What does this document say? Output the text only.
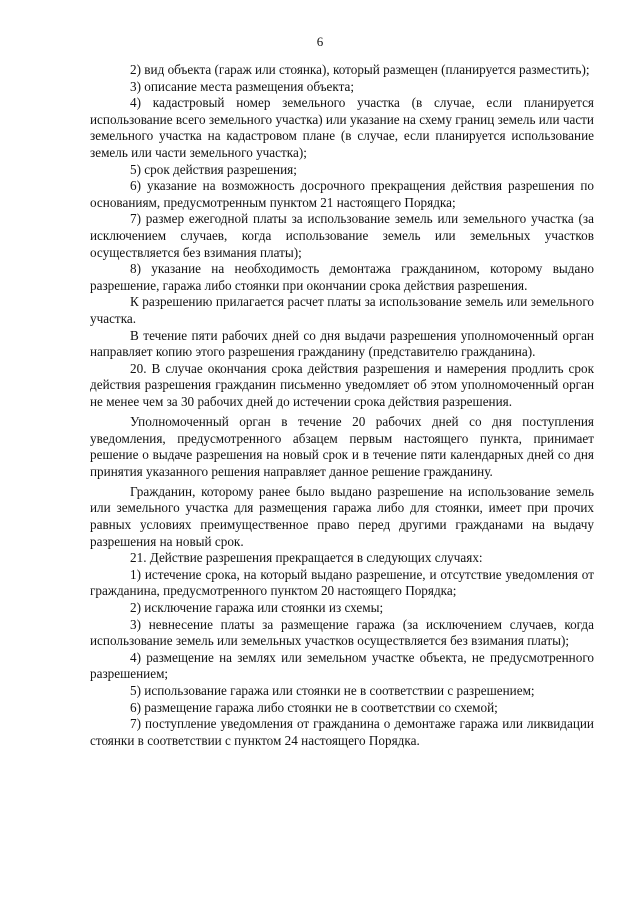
6

2) вид объекта (гараж или стоянка), который размещен (планируется разместить);

3) описание места размещения объекта;

4) кадастровый номер земельного участка (в случае, если планируется использование всего земельного участка) или указание на схему границ земель или части земельного участка на кадастровом плане (в случае, если планируется использование земель или части земельного участка);

5) срок действия разрешения;

6) указание на возможность досрочного прекращения действия разрешения по основаниям, предусмотренным пунктом 21 настоящего Порядка;

7) размер ежегодной платы за использование земель или земельного участка (за исключением случаев, когда использование земель или земельных участков осуществляется без взимания платы);

8) указание на необходимость демонтажа гражданином, которому выдано разрешение, гаража либо стоянки при окончании срока действия разрешения.

К разрешению прилагается расчет платы за использование земель или земельного участка.

В течение пяти рабочих дней со дня выдачи разрешения уполномоченный орган направляет копию этого разрешения гражданину (представителю гражданина).

20. В случае окончания срока действия разрешения и намерения продлить срок действия разрешения гражданин письменно уведомляет об этом уполномоченный орган не менее чем за 30 рабочих дней до истечении срока действия разрешения.

Уполномоченный орган в течение 20 рабочих дней со дня поступления уведомления, предусмотренного абзацем первым настоящего пункта, принимает решение о выдаче разрешения на новый срок и в течение пяти календарных дней со дня принятия указанного решения направляет данное решение гражданину.

Гражданин, которому ранее было выдано разрешение на использование земель или земельного участка для размещения гаража либо для стоянки, имеет при прочих равных условиях преимущественное право перед другими гражданами на выдачу разрешения на новый срок.

21. Действие разрешения прекращается в следующих случаях:

1) истечение срока, на который выдано разрешение, и отсутствие уведомления от гражданина, предусмотренного пунктом 20 настоящего Порядка;

2) исключение гаража или стоянки из схемы;

3) невнесение платы за размещение гаража (за исключением случаев, когда использование земель или земельных участков осуществляется без взимания платы);

4) размещение на землях или земельном участке объекта, не предусмотренного разрешением;

5) использование гаража или стоянки не в соответствии с разрешением;

6) размещение гаража либо стоянки не в соответствии со схемой;

7) поступление уведомления от гражданина о демонтаже гаража или ликвидации стоянки в соответствии с пунктом 24 настоящего Порядка.
